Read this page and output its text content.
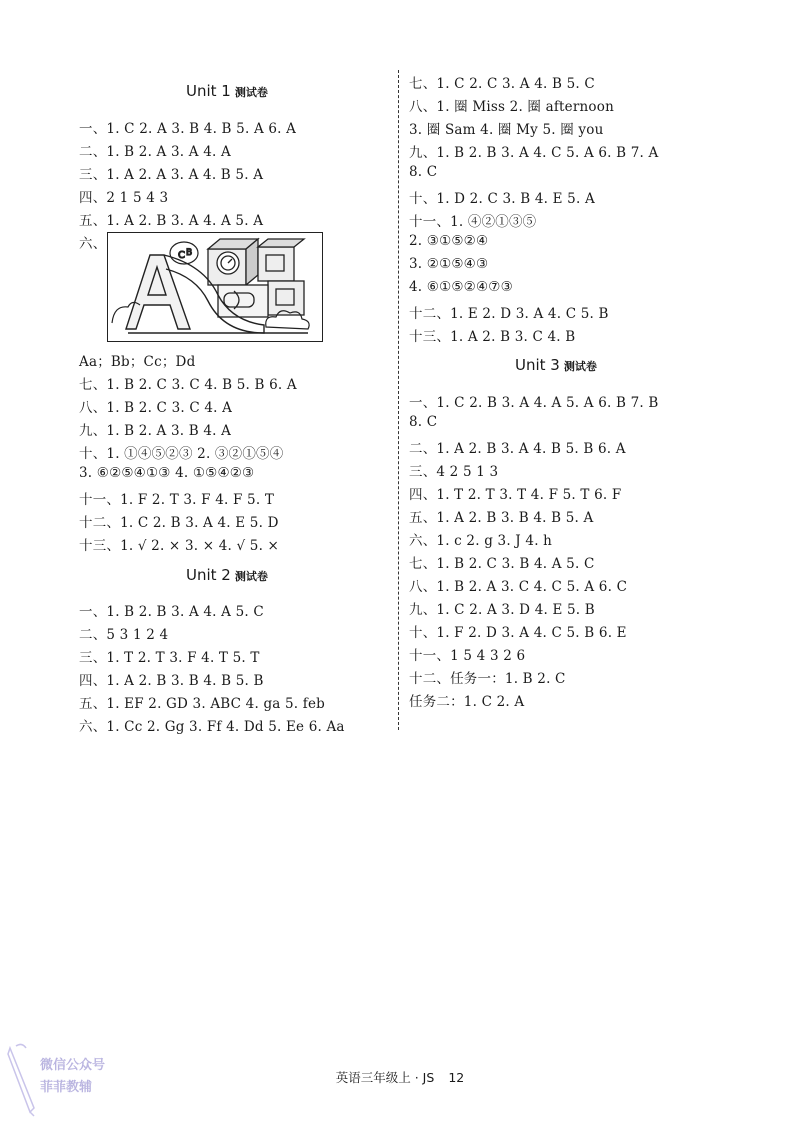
Unit 1 测试卷
一、1. C 2. A 3. B 4. B 5. A 6. A
二、1. B 2. A 3. A 4. A
三、1. A 2. A 3. A 4. B 5. A
四、2 1 5 4 3
五、1. A 2. B 3. A 4. A 5. A
六、
C B
Aa；Bb；Cc；Dd
七、1. B 2. C 3. C 4. B 5. B 6. A
八、1. B 2. C 3. C 4. A
九、1. B 2. A 3. B 4. A
十、1. ①④⑤②③ 2. ③②①⑤④
3. ⑥②⑤④①③ 4. ①⑤④②③
十一、1. F 2. T 3. F 4. F 5. T
十二、1. C 2. B 3. A 4. E 5. D
十三、1. √ 2. × 3. × 4. √ 5. ×
Unit 2 测试卷
一、1. B 2. B 3. A 4. A 5. C
二、5 3 1 2 4
三、1. T 2. T 3. F 4. T 5. T
四、1. A 2. B 3. B 4. B 5. B
五、1. EF 2. GD 3. ABC 4. ga 5. feb
六、1. Cc 2. Gg 3. Ff 4. Dd 5. Ee 6. Aa
七、1. C 2. C 3. A 4. B 5. C
八、1. 圈 Miss 2. 圈 afternoon
3. 圈 Sam 4. 圈 My 5. 圈 you
九、1. B 2. B 3. A 4. C 5. A 6. B 7. A
8. C
十、1. D 2. C 3. B 4. E 5. A
十一、1. ④②①③⑤
2. ③①⑤②④
3. ②①⑤④③
4. ⑥①⑤②④⑦③
十二、1. E 2. D 3. A 4. C 5. B
十三、1. A 2. B 3. C 4. B
Unit 3 测试卷
一、1. C 2. B 3. A 4. A 5. A 6. B 7. B
8. C
二、1. A 2. B 3. A 4. B 5. B 6. A
三、4 2 5 1 3
四、1. T 2. T 3. T 4. F 5. T 6. F
五、1. A 2. B 3. B 4. B 5. A
六、1. c 2. g 3. J 4. h
七、1. B 2. C 3. B 4. A 5. C
八、1. B 2. A 3. C 4. C 5. A 6. C
九、1. C 2. A 3. D 4. E 5. B
十、1. F 2. D 3. A 4. C 5. B 6. E
十一、1 5 4 3 2 6
十二、任务一：1. B 2. C
任务二：1. C 2. A
微信公众号
菲菲教辅
英语三年级上 · JS 12
